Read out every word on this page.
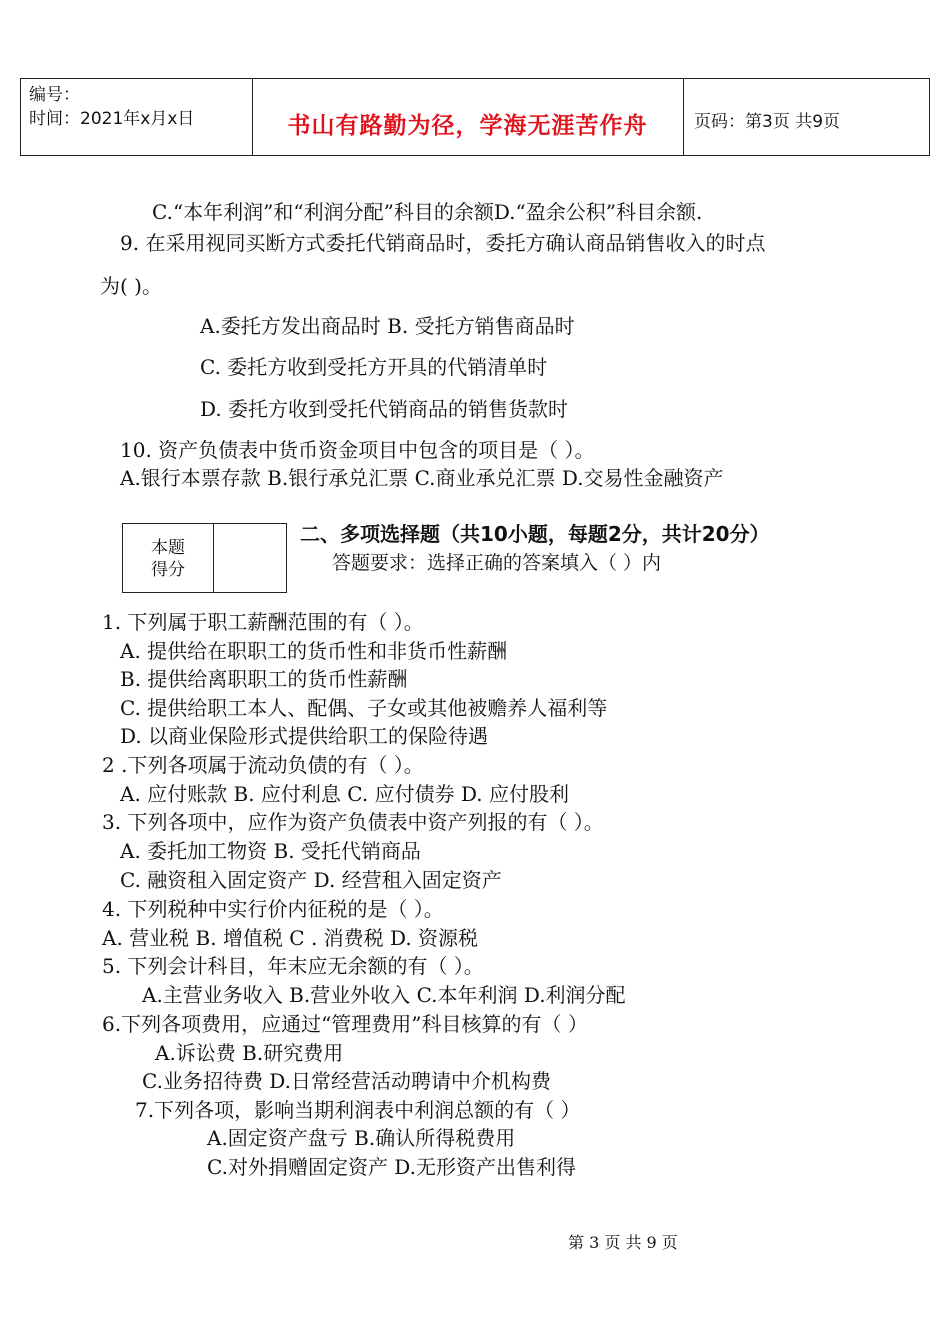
编号：
时间：2021年x月x日	书山有路勤为径，学海无涯苦作舟	页码：第3页 共9页
C.“本年利润”和“利润分配”科目的余额D.“盈余公积”科目余额.
9. 在采用视同买断方式委托代销商品时，委托方确认商品销售收入的时点
为( )。
A.委托方发出商品时 B. 受托方销售商品时
C. 委托方收到受托方开具的代销清单时
D. 委托方收到受托代销商品的销售货款时
10. 资产负债表中货币资金项目中包含的项目是（ ）。
A.银行本票存款 B.银行承兑汇票 C.商业承兑汇票 D.交易性金融资产
本题
得分
二、多项选择题（共10小题，每题2分，共计20分）
答题要求：选择正确的答案填入（ ）内
1. 下列属于职工薪酬范围的有（ ）。
A. 提供给在职职工的货币性和非货币性薪酬
B. 提供给离职职工的货币性薪酬
C. 提供给职工本人、配偶、子女或其他被赡养人福利等
D. 以商业保险形式提供给职工的保险待遇
2 .下列各项属于流动负债的有（ ）。
A. 应付账款 B. 应付利息 C. 应付债券 D. 应付股利
3. 下列各项中，应作为资产负债表中资产列报的有（ ）。
A. 委托加工物资 B. 受托代销商品
C. 融资租入固定资产 D. 经营租入固定资产
4. 下列税种中实行价内征税的是（ ）。
A. 营业税 B. 增值税 C . 消费税 D. 资源税
5. 下列会计科目，年末应无余额的有（ ）。
A.主营业务收入 B.营业外收入 C.本年利润 D.利润分配
6.下列各项费用，应通过“管理费用”科目核算的有（ ）
A.诉讼费 B.研究费用
C.业务招待费 D.日常经营活动聘请中介机构费
7.下列各项，影响当期利润表中利润总额的有（ ）
A.固定资产盘亏 B.确认所得税费用
C.对外捐赠固定资产 D.无形资产出售利得
第 3 页 共 9 页
